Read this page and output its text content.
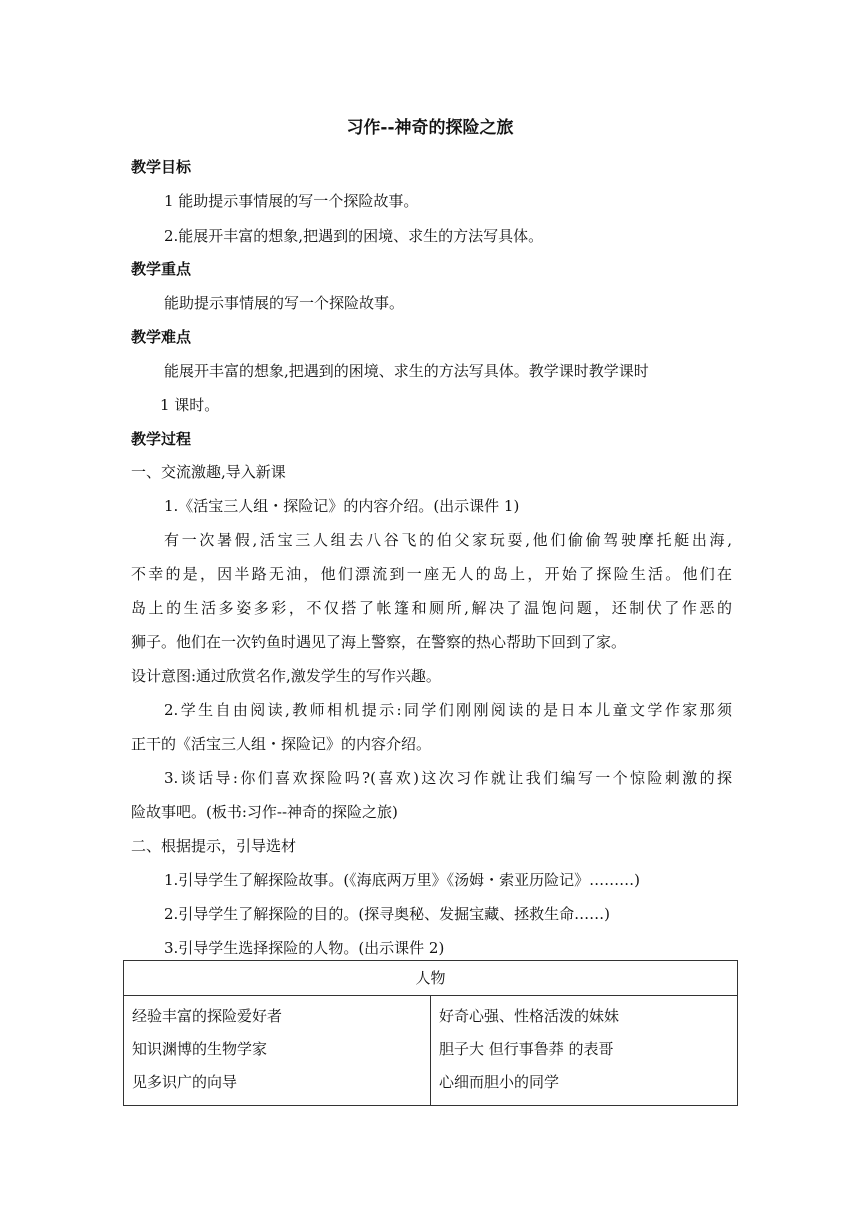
习作--神奇的探险之旅
教学目标
1 能助提示事情展的写一个探险故事。
2.能展开丰富的想象,把遇到的困境、求生的方法写具体。
教学重点
能助提示事情展的写一个探险故事。
教学难点
能展开丰富的想象,把遇到的困境、求生的方法写具体。教学课时教学课时
1 课时。
教学过程
一、交流激趣,导入新课
1.《活宝三人组・探险记》的内容介绍。(出示课件 1)
有一次暑假,活宝三人组去八谷飞的伯父家玩耍,他们偷偷驾驶摩托艇出海,
不幸的是，因半路无油，他们漂流到一座无人的岛上，开始了探险生活。他们在
岛上的生活多姿多彩，不仅搭了帐篷和厕所,解决了温饱问题，还制伏了作恶的
狮子。他们在一次钓鱼时遇见了海上警察，在警察的热心帮助下回到了家。
设计意图:通过欣赏名作,激发学生的写作兴趣。
2.学生自由阅读,教师相机提示:同学们刚刚阅读的是日本儿童文学作家那须
正干的《活宝三人组・探险记》的内容介绍。
3.谈话导:你们喜欢探险吗?(喜欢)这次习作就让我们编写一个惊险刺激的探
险故事吧。(板书:习作--神奇的探险之旅)
二、根据提示，引导选材
1.引导学生了解探险故事。(《海底两万里》《汤姆・索亚历险记》………)
2.引导学生了解探险的目的。(探寻奥秘、发掘宝藏、拯救生命……)
3.引导学生选择探险的人物。(出示课件 2)
人物

经验丰富的探险爱好者
知识渊博的生物学家
见多识广的向导

好奇心强、性格活泼的妹妹
胆子大 但行事鲁莽 的表哥
心细而胆小的同学
